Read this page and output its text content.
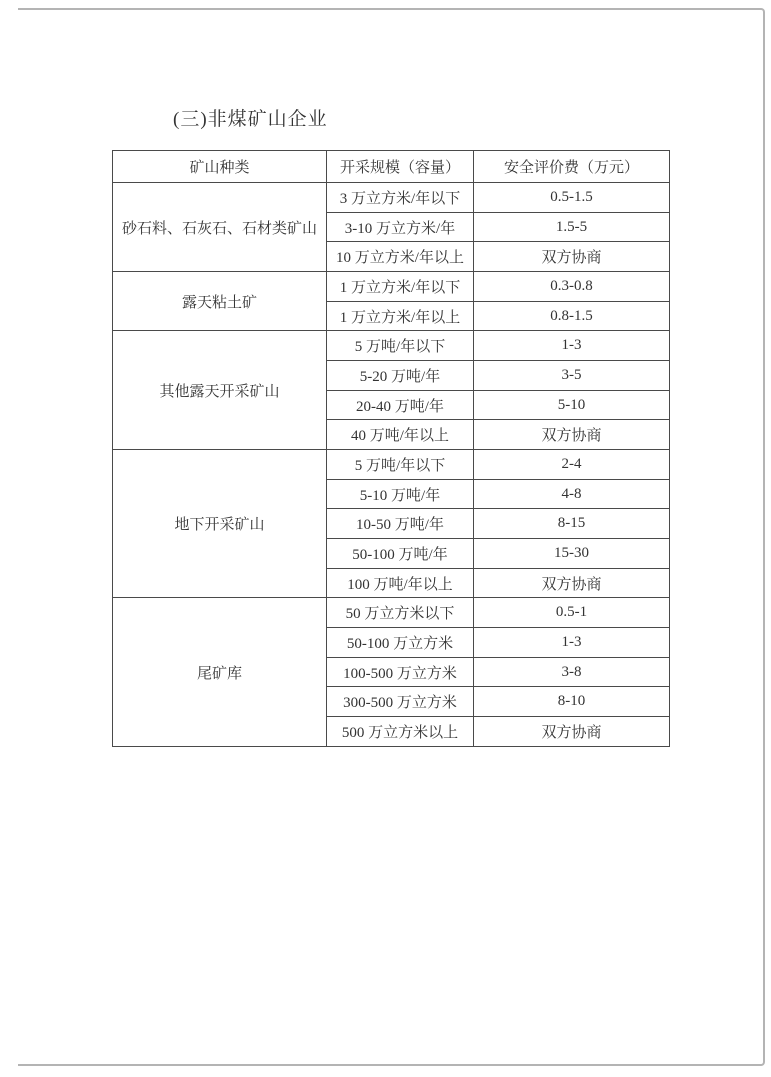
(三)非煤矿山企业
矿山种类	开采规模（容量）	安全评价费（万元）
砂石料、石灰石、石材类矿山	3 万立方米/年以下	0.5-1.5
	3-10 万立方米/年	1.5-5
	10 万立方米/年以上	双方协商
露天粘土矿	1 万立方米/年以下	0.3-0.8
	1 万立方米/年以上	0.8-1.5
其他露天开采矿山	5 万吨/年以下	1-3
	5-20 万吨/年	3-5
	20-40 万吨/年	5-10
	40 万吨/年以上	双方协商
地下开采矿山	5 万吨/年以下	2-4
	5-10 万吨/年	4-8
	10-50 万吨/年	8-15
	50-100 万吨/年	15-30
	100 万吨/年以上	双方协商
尾矿库	50 万立方米以下	0.5-1
	50-100 万立方米	1-3
	100-500 万立方米	3-8
	300-500 万立方米	8-10
	500 万立方米以上	双方协商
